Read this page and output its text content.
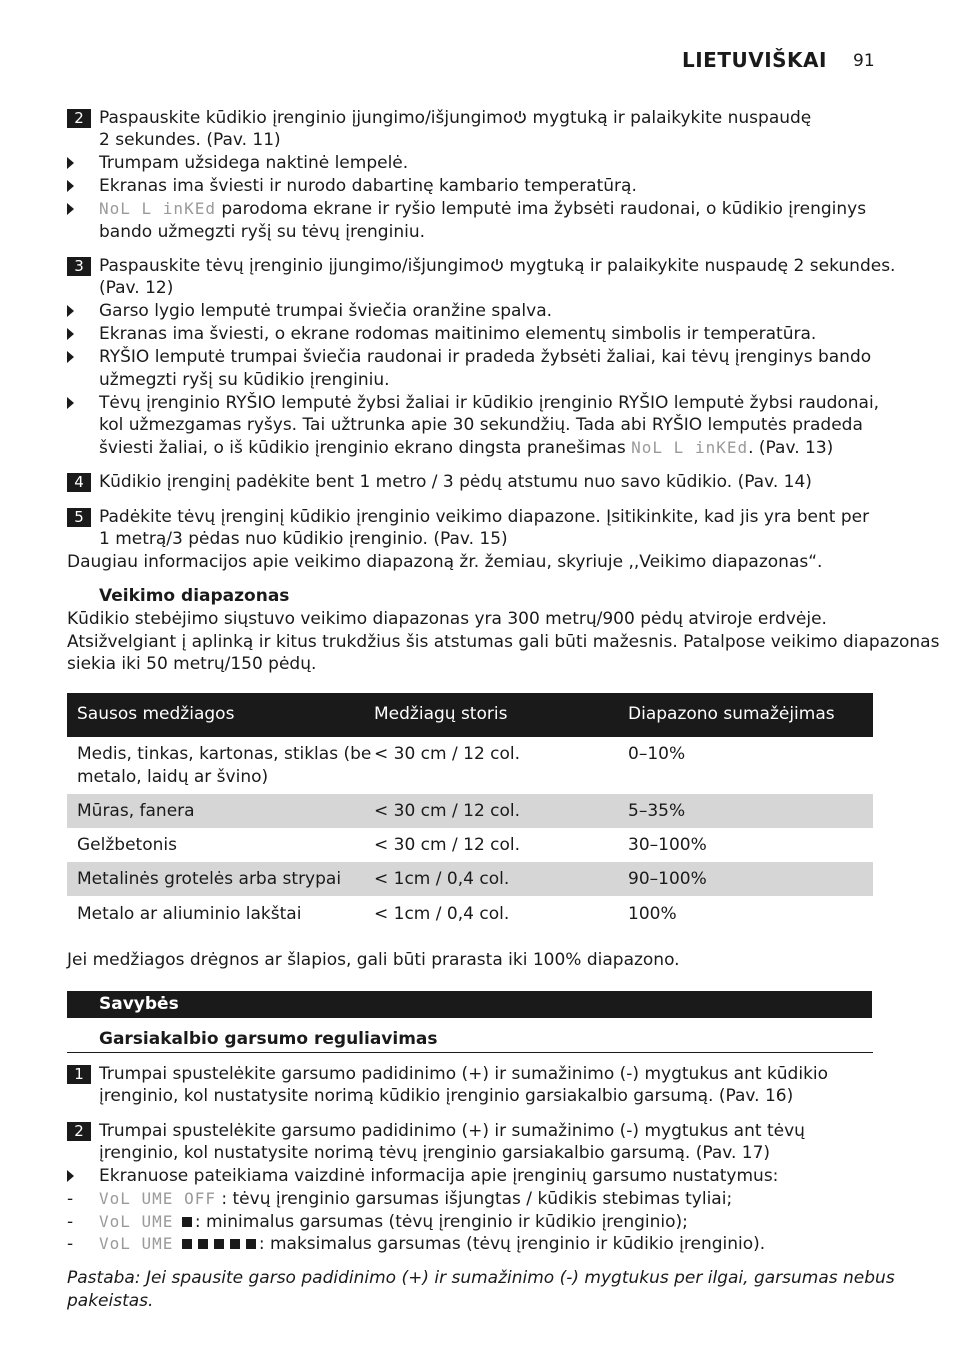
LIETUVIŠKAI 91
2 Paspauskite kūdikio įrenginio įjungimo/išjungimo mygtuką ir palaikykite nuspaudę
2 sekundes. (Pav. 11)
Trumpam užsidega naktinė lempelė.
Ekranas ima šviesti ir nurodo dabartinę kambario temperatūrą.
NoL L inKEd parodoma ekrane ir ryšio lemputė ima žybsėti raudonai, o kūdikio įrenginys
bando užmegzti ryšį su tėvų įrenginiu.
3 Paspauskite tėvų įrenginio įjungimo/išjungimo mygtuką ir palaikykite nuspaudę 2 sekundes.
(Pav. 12)
Garso lygio lemputė trumpai šviečia oranžine spalva.
Ekranas ima šviesti, o ekrane rodomas maitinimo elementų simbolis ir temperatūra.
RYŠIO lemputė trumpai šviečia raudonai ir pradeda žybsėti žaliai, kai tėvų įrenginys bando
užmegzti ryšį su kūdikio įrenginiu.
Tėvų įrenginio RYŠIO lemputė žybsi žaliai ir kūdikio įrenginio RYŠIO lemputė žybsi raudonai,
kol užmezgamas ryšys. Tai užtrunka apie 30 sekundžių. Tada abi RYŠIO lemputės pradeda
šviesti žaliai, o iš kūdikio įrenginio ekrano dingsta pranešimas NoL L inKEd. (Pav. 13)
4 Kūdikio įrenginį padėkite bent 1 metro / 3 pėdų atstumu nuo savo kūdikio. (Pav. 14)
5 Padėkite tėvų įrenginį kūdikio įrenginio veikimo diapazone. Įsitikinkite, kad jis yra bent per
1 metrą/3 pėdas nuo kūdikio įrenginio. (Pav. 15)
Daugiau informacijos apie veikimo diapazoną žr. žemiau, skyriuje ,,Veikimo diapazonas“.
Veikimo diapazonas
Kūdikio stebėjimo siųstuvo veikimo diapazonas yra 300 metrų/900 pėdų atviroje erdvėje.
Atsižvelgiant į aplinką ir kitus trukdžius šis atstumas gali būti mažesnis. Patalpose veikimo diapazonas
siekia iki 50 metrų/150 pėdų.
Sausos medžiagos	Medžiagų storis	Diapazono sumažėjimas
Medis, tinkas, kartonas, stiklas (be
metalo, laidų ar švino)
< 30 cm / 12 col.	0–10%
Mūras, fanera	< 30 cm / 12 col.	5–35%
Gelžbetonis	< 30 cm / 12 col.	30–100%
Metalinės grotelės arba strypai < 1cm / 0,4 col.	90–100%
Metalo ar aliuminio lakštai	< 1cm / 0,4 col.	100%
Jei medžiagos drėgnos ar šlapios, gali būti prarasta iki 100% diapazono.
Savybės
Garsiakalbio garsumo reguliavimas
1 Trumpai spustelėkite garsumo padidinimo (+) ir sumažinimo (-) mygtukus ant kūdikio
įrenginio, kol nustatysite norimą kūdikio įrenginio garsiakalbio garsumą. (Pav. 16)
2 Trumpai spustelėkite garsumo padidinimo (+) ir sumažinimo (-) mygtukus ant tėvų
įrenginio, kol nustatysite norimą tėvų įrenginio garsiakalbio garsumą. (Pav. 17)
Ekranuose pateikiama vaizdinė informacija apie įrenginių garsumo nustatymus:
- VoL UME OFF : tėvų įrenginio garsumas išjungtas / kūdikis stebimas tyliai;
- VoL UME : minimalus garsumas (tėvų įrenginio ir kūdikio įrenginio);
- VoL UME	: maksimalus garsumas (tėvų įrenginio ir kūdikio įrenginio).
Pastaba: Jei spausite garso padidinimo (+) ir sumažinimo (-) mygtukus per ilgai, garsumas nebus
pakeistas.
